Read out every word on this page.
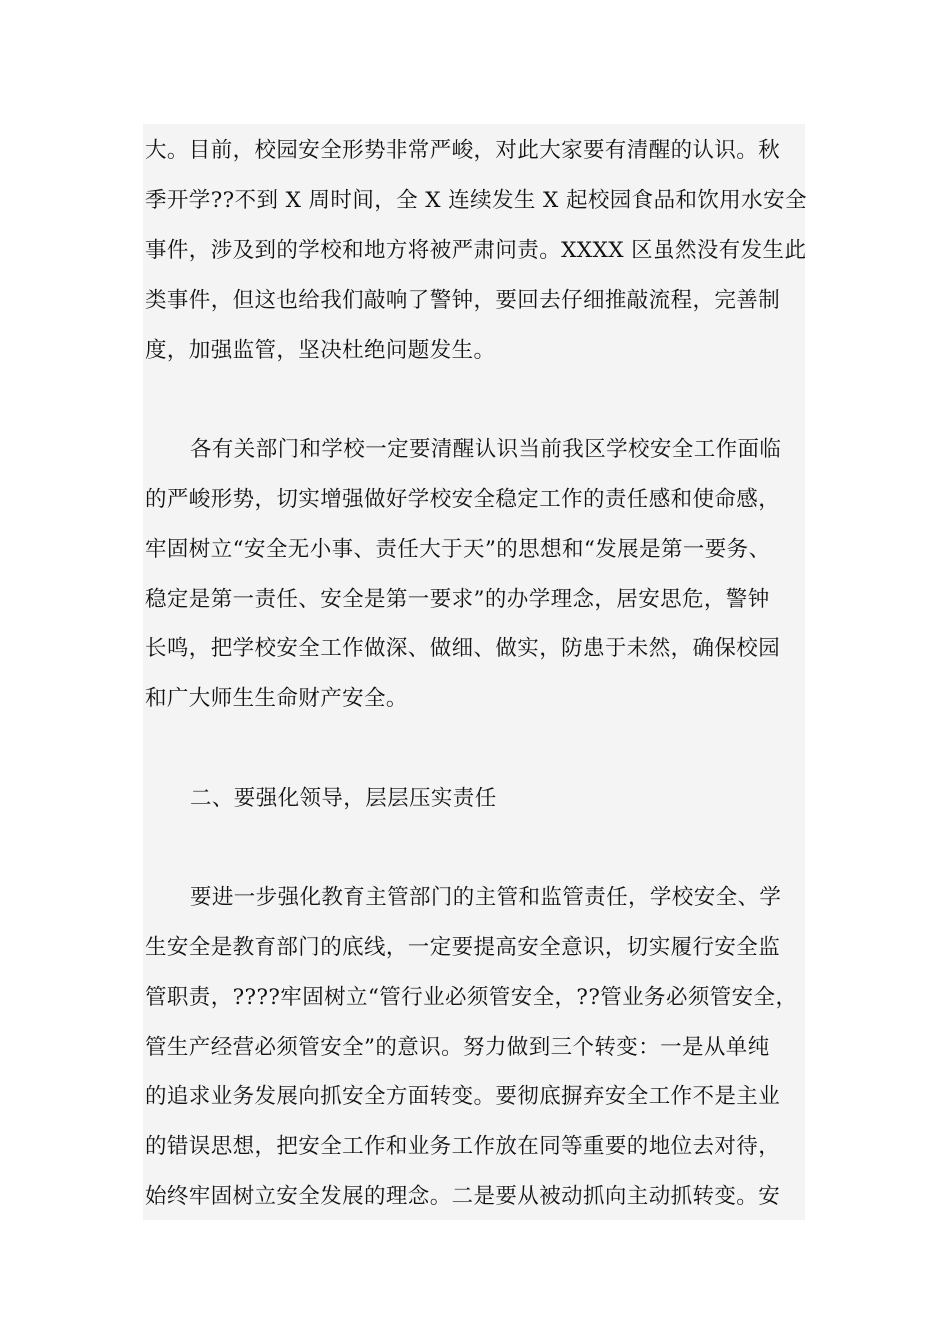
大。目前，校园安全形势非常严峻，对此大家要有清醒的认识。秋

季开学??不到 X 周时间，全 X 连续发生 X 起校园食品和饮用水安全

事件，涉及到的学校和地方将被严肃问责。XXXX 区虽然没有发生此

类事件，但这也给我们敲响了警钟，要回去仔细推敲流程，完善制

度，加强监管，坚决杜绝问题发生。

各有关部门和学校一定要清醒认识当前我区学校安全工作面临

的严峻形势，切实增强做好学校安全稳定工作的责任感和使命感，

牢固树立“安全无小事、责任大于天”的思想和“发展是第一要务、

稳定是第一责任、安全是第一要求”的办学理念，居安思危，警钟

长鸣，把学校安全工作做深、做细、做实，防患于未然，确保校园

和广大师生生命财产安全。

二、要强化领导，层层压实责任

要进一步强化教育主管部门的主管和监管责任，学校安全、学

生安全是教育部门的底线，一定要提高安全意识，切实履行安全监

管职责，????牢固树立“管行业必须管安全，??管业务必须管安全，

管生产经营必须管安全”的意识。努力做到三个转变：一是从单纯

的追求业务发展向抓安全方面转变。要彻底摒弃安全工作不是主业

的错误思想，把安全工作和业务工作放在同等重要的地位去对待，

始终牢固树立安全发展的理念。二是要从被动抓向主动抓转变。安
